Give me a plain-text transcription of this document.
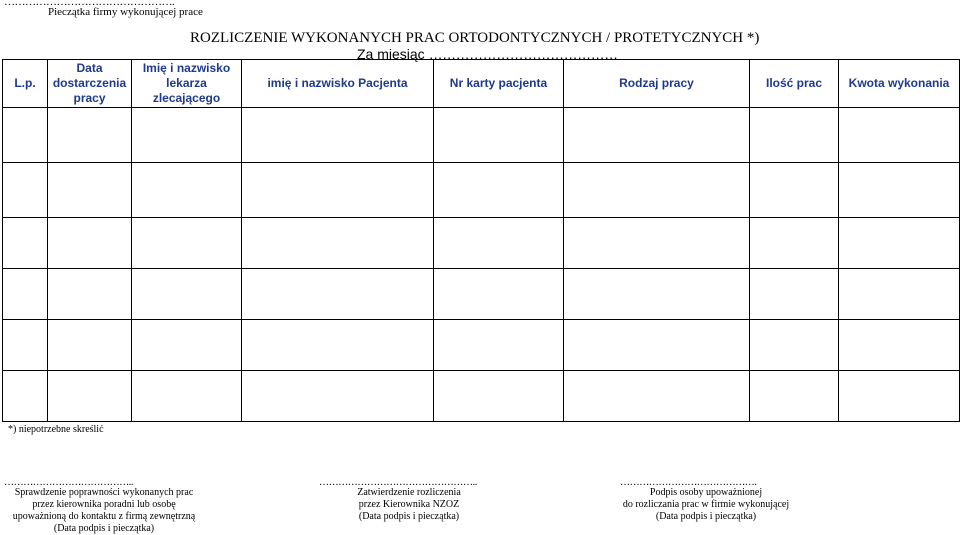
………………………………………….
Pieczątka firmy wykonującej prace
ROZLICZENIE WYKONANYCH PRAC ORTODONTYCZNYCH / PROTETYCZNYCH *)
Za miesiąc ……………………………………
L.p.	Data dostarczenia pracy	Imię i nazwisko lekarza zlecającego	imię i nazwisko Pacjenta	Nr karty pacjenta	Rodzaj pracy	Ilość prac	Kwota wykonania

*) niepotrzebne skreślić
…………………………………..
Sprawdzenie poprawności wykonanych prac
przez kierownika poradni lub osobę
upoważnioną do kontaktu z firmą zewnętrzną
(Data podpis i pieczątka)
…………………………………………..
Zatwierdzenie rozliczenia
przez Kierownika NZOZ
(Data podpis i pieczątka)
…………………………………….
Podpis osoby upoważnionej
do rozliczania prac w firmie wykonującej
(Data podpis i pieczątka)
